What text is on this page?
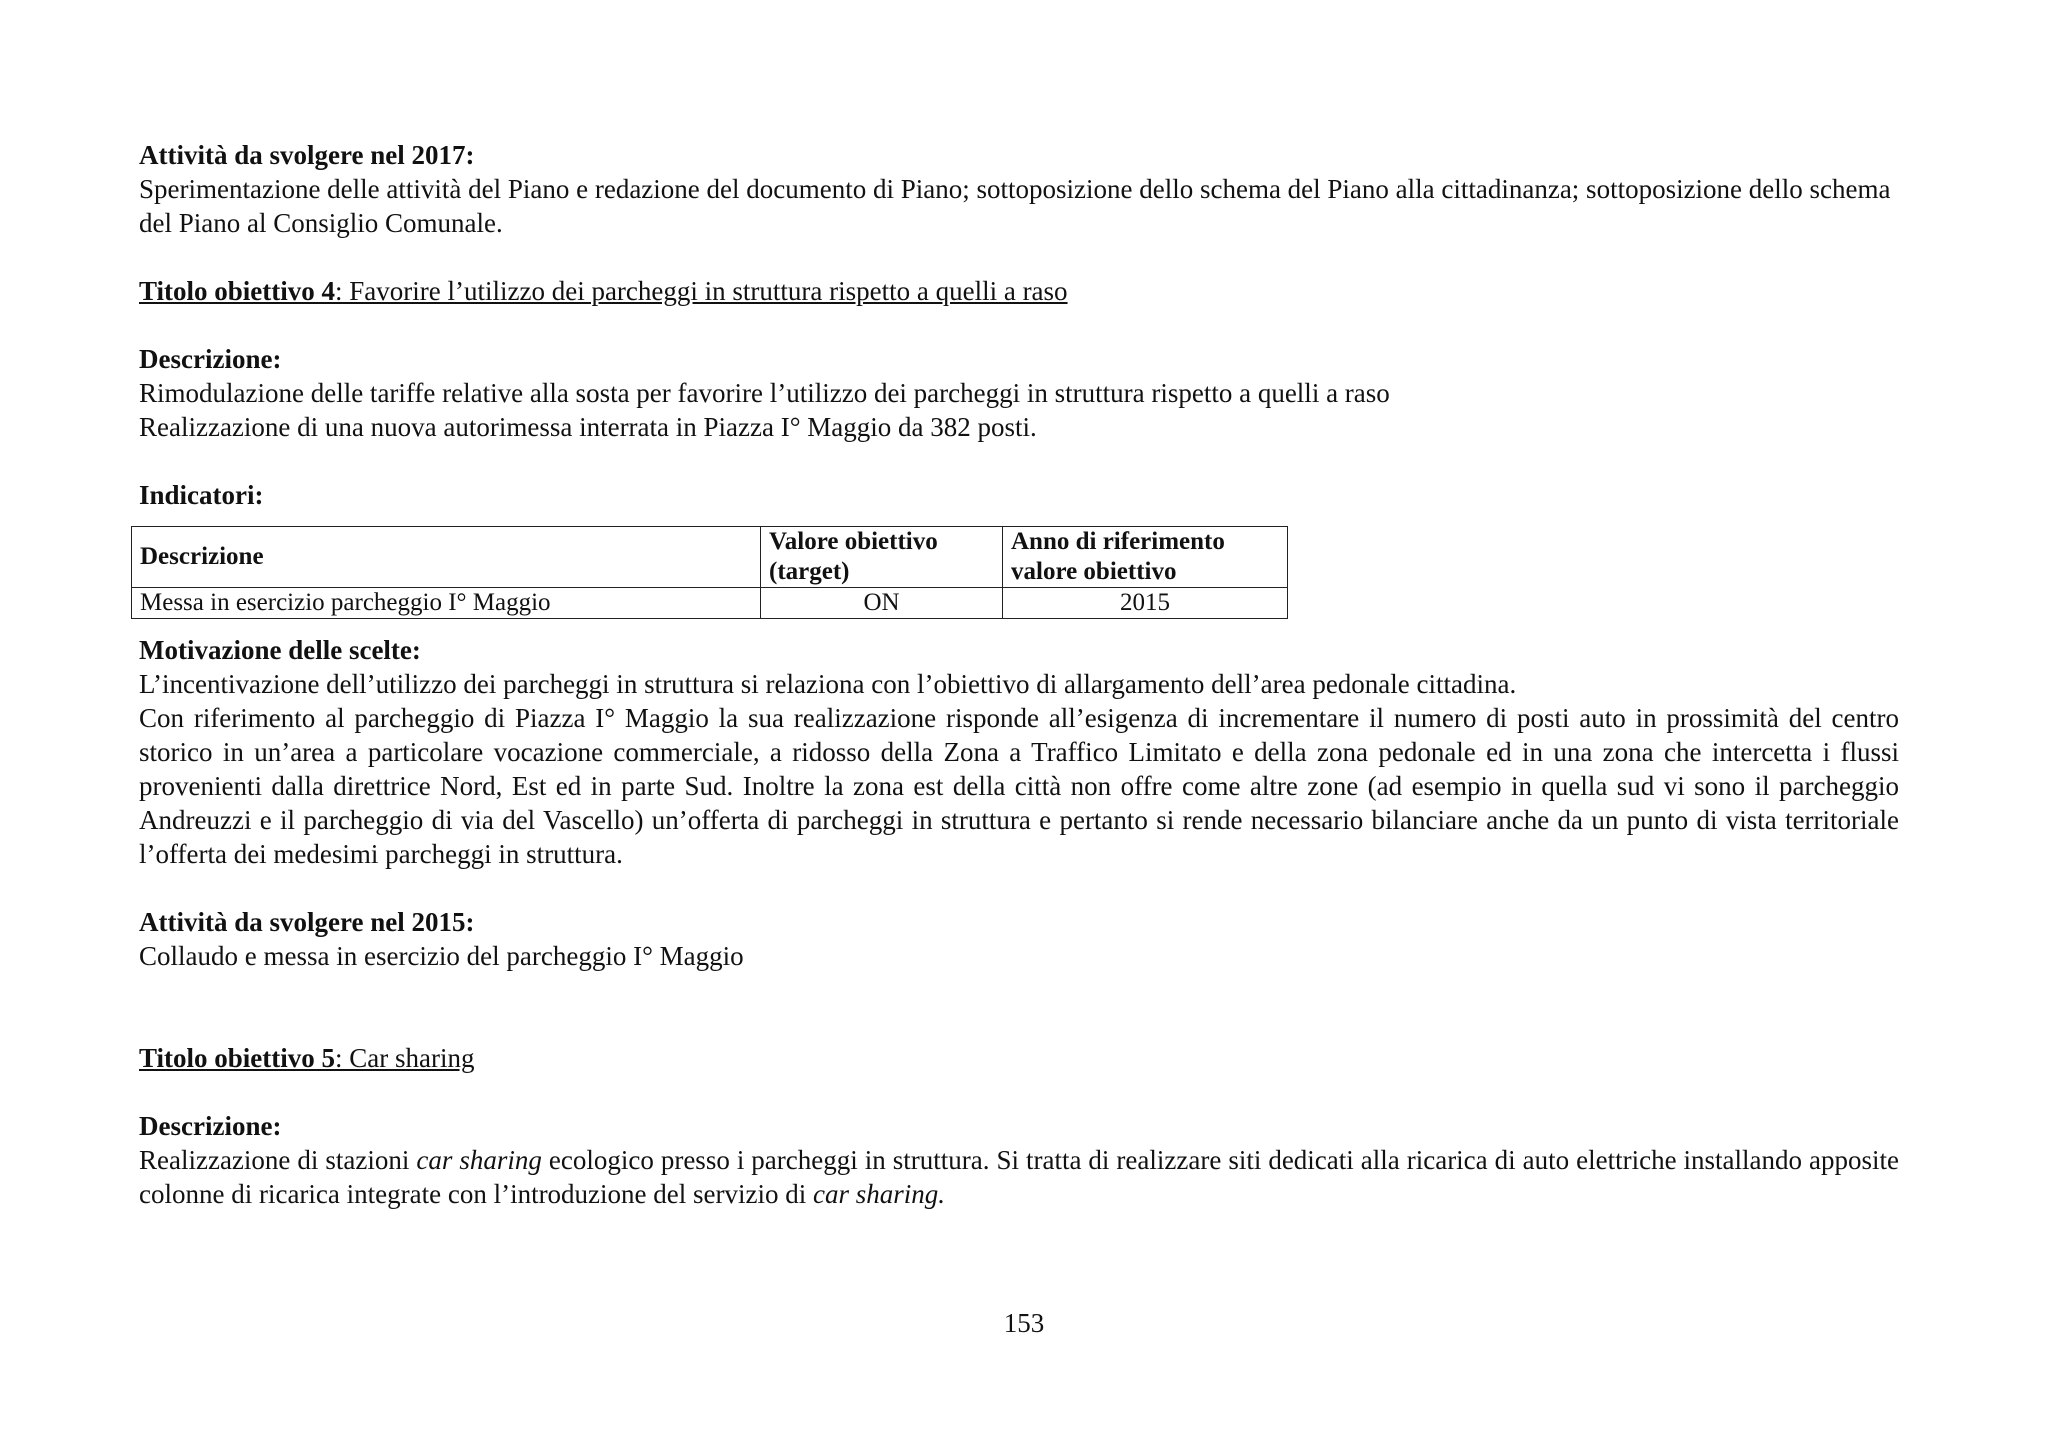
Attività da svolgere nel 2017:

Sperimentazione delle attività del Piano e redazione del documento di Piano; sottoposizione dello schema del Piano alla cittadinanza; sottoposizione dello schema del Piano al Consiglio Comunale.

Titolo obiettivo 4: Favorire l’utilizzo dei parcheggi in struttura rispetto a quelli a raso

Descrizione:

Rimodulazione delle tariffe relative alla sosta per favorire l’utilizzo dei parcheggi in struttura rispetto a quelli a raso

Realizzazione di una nuova autorimessa interrata in Piazza I° Maggio da 382 posti.

Indicatori:

Descrizione	Valore obiettivo (target)	Anno di riferimento valore obiettivo
Messa in esercizio parcheggio I° Maggio	ON	2015

Motivazione delle scelte:

L’incentivazione dell’utilizzo dei parcheggi in struttura si relaziona con l’obiettivo di allargamento dell’area pedonale cittadina.

Con riferimento al parcheggio di Piazza I° Maggio la sua realizzazione risponde all’esigenza di incrementare il numero di posti auto in prossimità del centro storico in un’area a particolare vocazione commerciale, a ridosso della Zona a Traffico Limitato e della zona pedonale ed in una zona che intercetta i flussi provenienti dalla direttrice Nord, Est ed in parte Sud. Inoltre la zona est della città non offre come altre zone (ad esempio in quella sud vi sono il parcheggio Andreuzzi e il parcheggio di via del Vascello) un’offerta di parcheggi in struttura e pertanto si rende necessario bilanciare anche da un punto di vista territoriale l’offerta dei medesimi parcheggi in struttura.

Attività da svolgere nel 2015:

Collaudo e messa in esercizio del parcheggio I° Maggio

Titolo obiettivo 5: Car sharing

Descrizione:

Realizzazione di stazioni car sharing ecologico presso i parcheggi in struttura. Si tratta di realizzare siti dedicati alla ricarica di auto elettriche installando apposite colonne di ricarica integrate con l’introduzione del servizio di car sharing.

153
